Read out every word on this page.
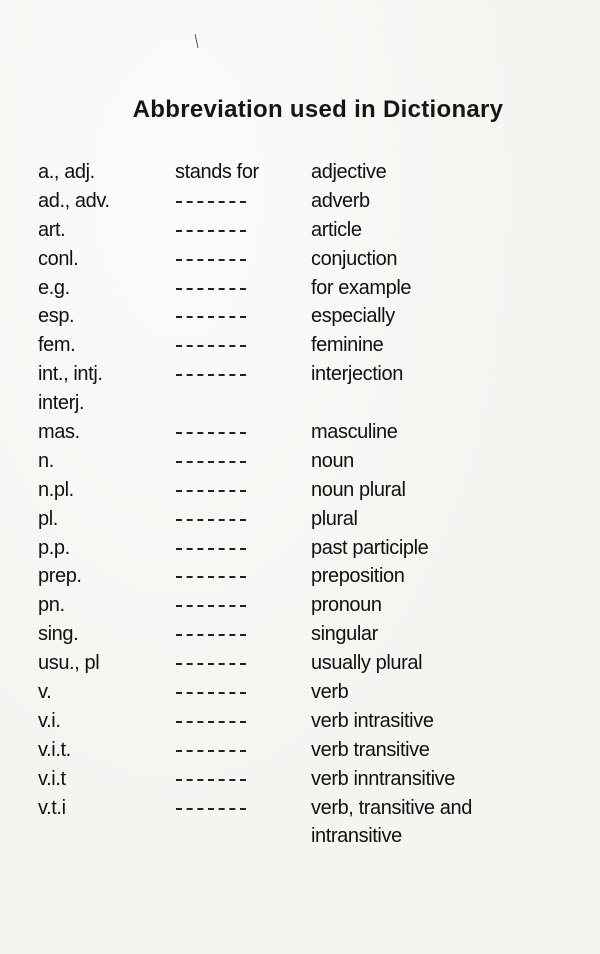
Abbreviation used in Dictionary
a., adj.	stands for	adjective
ad., adv.	adverb
art.	article
conl.	conjuction
e.g.	for example
esp.	especially
fem.	feminine
int., intj.	interjection
interj.
mas.	masculine
n.	noun
n.pl.	noun plural
pl.	plural
p.p.	past participle
prep.	preposition
pn.	pronoun
sing.	singular
usu., pl	usually plural
v.	verb
v.i.	verb intrasitive
v.i.t.	verb transitive
v.i.t	verb inntransitive
v.t.i	verb, transitive and
intransitive
